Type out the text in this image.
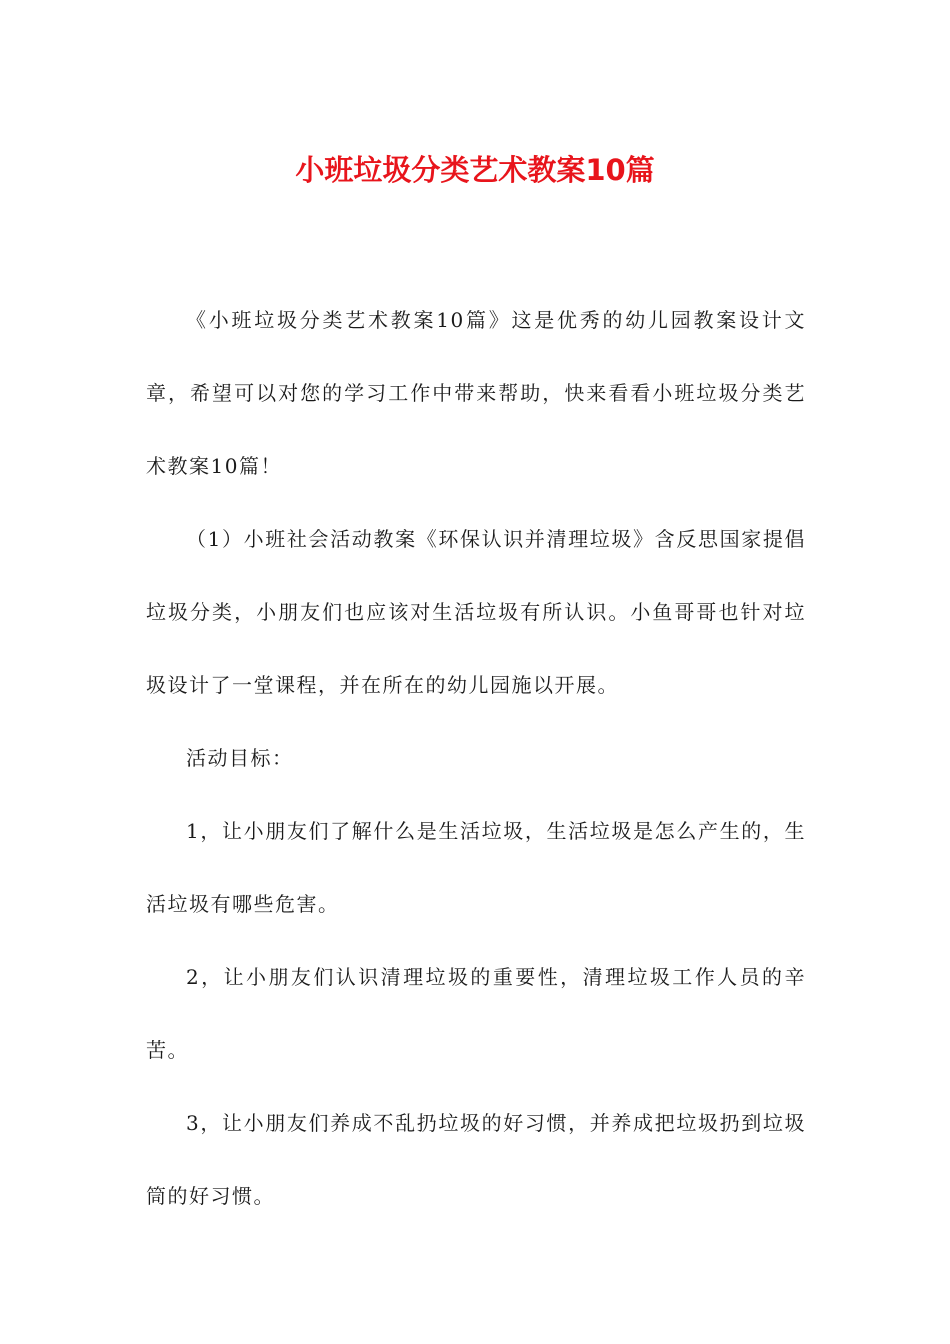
小班垃圾分类艺术教案10篇

《小班垃圾分类艺术教案10篇》这是优秀的幼儿园教案设计文章，希望可以对您的学习工作中带来帮助，快来看看小班垃圾分类艺术教案10篇！

（1）小班社会活动教案《环保认识并清理垃圾》含反思国家提倡垃圾分类，小朋友们也应该对生活垃圾有所认识。小鱼哥哥也针对垃圾设计了一堂课程，并在所在的幼儿园施以开展。

活动目标：

1，让小朋友们了解什么是生活垃圾，生活垃圾是怎么产生的，生活垃圾有哪些危害。

2，让小朋友们认识清理垃圾的重要性，清理垃圾工作人员的辛苦。

3，让小朋友们养成不乱扔垃圾的好习惯，并养成把垃圾扔到垃圾筒的好习惯。
